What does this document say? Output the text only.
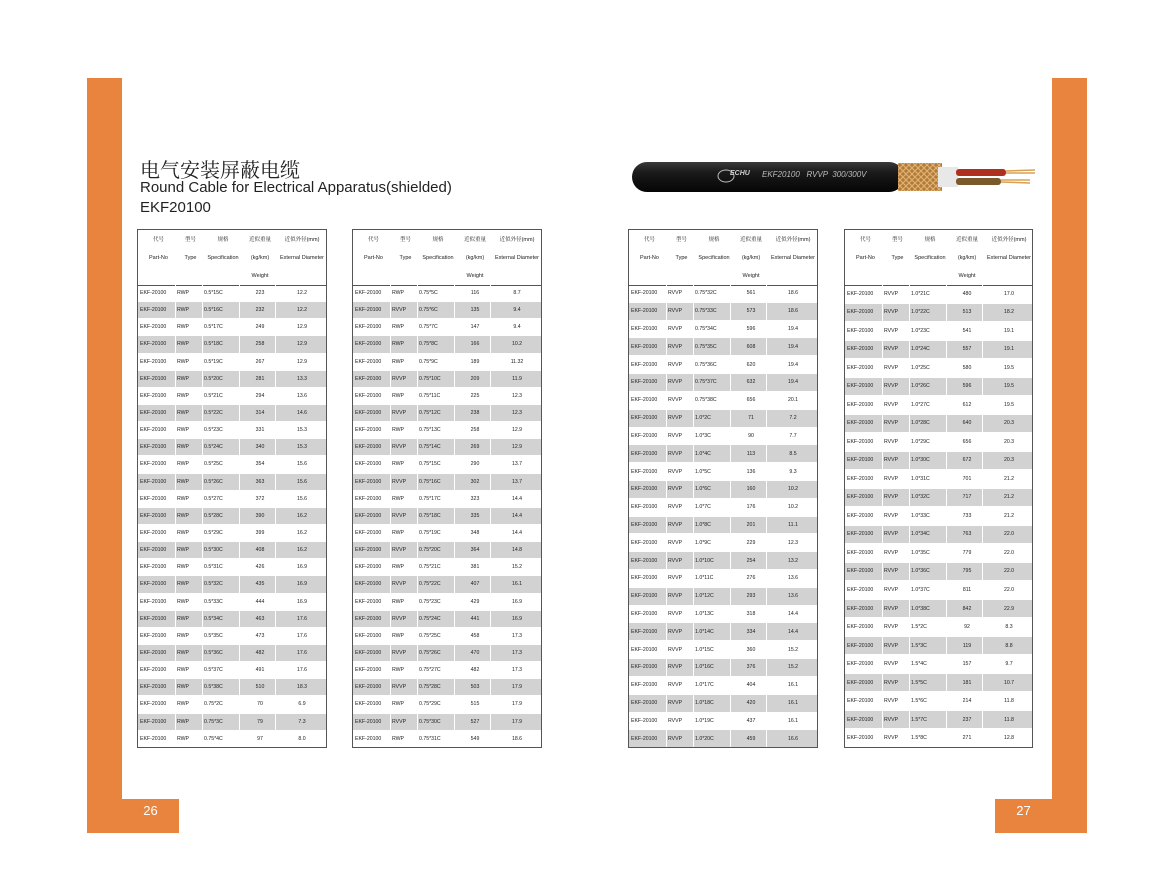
26	27
电气安装屏蔽电缆
Round Cable for Electrical Apparatus(shielded)
EKF20100
ECHU EKF20100   RVVP  300/300V
代号
Part-No
型号
Type
规格
Specification
近似重量
(kg/km)
Weight
近似外径(mm)
External Diameter
EKF-20100	RWP	0.5*15C	223	12.2
EKF-20100	RWP	0.5*16C	232	12.2
EKF-20100	RWP	0.5*17C	249	12.9
EKF-20100	RWP	0.5*18C	258	12.9
EKF-20100	RWP	0.5*19C	267	12.9
EKF-20100	RWP	0.5*20C	281	13.3
EKF-20100	RWP	0.5*21C	294	13.6
EKF-20100	RWP	0.5*22C	314	14.6
EKF-20100	RWP	0.5*23C	331	15.3
EKF-20100	RWP	0.5*24C	340	15.3
EKF-20100	RWP	0.5*25C	354	15.6
EKF-20100	RWP	0.5*26C	363	15.6
EKF-20100	RWP	0.5*27C	372	15.6
EKF-20100	RWP	0.5*28C	390	16.2
EKF-20100	RWP	0.5*29C	399	16.2
EKF-20100	RWP	0.5*30C	408	16.2
EKF-20100	RWP	0.5*31C	426	16.9
EKF-20100	RWP	0.5*32C	435	16.9
EKF-20100	RWP	0.5*33C	444	16.9
EKF-20100	RWP	0.5*34C	463	17.6
EKF-20100	RWP	0.5*35C	473	17.6
EKF-20100	RWP	0.5*36C	482	17.6
EKF-20100	RWP	0.5*37C	491	17.6
EKF-20100	RWP	0.5*38C	510	18.3
EKF-20100	RWP	0.75*2C	70	6.9
EKF-20100	RWP	0.75*3C	79	7.3
EKF-20100	RWP	0.75*4C	97	8.0
代号
Part-No
型号
Type
规格
Specification
近似重量
(kg/km)
Weight
近似外径(mm)
External Diameter
EKF-20100	RWP	0.75*5C	116	8.7
EKF-20100	RVVP	0.75*6C	135	9.4
EKF-20100	RWP	0.75*7C	147	9.4
EKF-20100	RWP	0.75*8C	166	10.2
EKF-20100	RWP	0.75*9C	189	11.32
EKF-20100	RVVP	0.75*10C	209	11.9
EKF-20100	RWP	0.75*11C	225	12.3
EKF-20100	RVVP	0.75*12C	238	12.3
EKF-20100	RWP	0.75*13C	258	12.9
EKF-20100	RVVP	0.75*14C	269	12.9
EKF-20100	RWP	0.75*15C	290	13.7
EKF-20100	RVVP	0.75*16C	302	13.7
EKF-20100	RWP	0.75*17C	323	14.4
EKF-20100	RVVP	0.75*18C	335	14.4
EKF-20100	RWP	0.75*19C	348	14.4
EKF-20100	RVVP	0.75*20C	364	14.8
EKF-20100	RWP	0.75*21C	381	15.2
EKF-20100	RVVP	0.75*22C	407	16.1
EKF-20100	RWP	0.75*23C	429	16.9
EKF-20100	RVVP	0.75*24C	441	16.9
EKF-20100	RWP	0.75*25C	458	17.3
EKF-20100	RVVP	0.75*26C	470	17.3
EKF-20100	RWP	0.75*27C	482	17.3
EKF-20100	RVVP	0.75*28C	503	17.9
EKF-20100	RWP	0.75*29C	515	17.9
EKF-20100	RVVP	0.75*30C	527	17.9
EKF-20100	RWP	0.75*31C	549	18.6
代号
Part-No
型号
Type
规格
Specification
近似重量
(kg/km)
Weight
近似外径(mm)
External Diameter
EKF-20100	RVVP	0.75*32C	561	18.6
EKF-20100	RVVP	0.75*33C	573	18.6
EKF-20100	RVVP	0.75*34C	596	19.4
EKF-20100	RVVP	0.75*35C	608	19.4
EKF-20100	RVVP	0.75*36C	620	19.4
EKF-20100	RVVP	0.75*37C	632	19.4
EKF-20100	RVVP	0.75*38C	656	20.1
EKF-20100	RVVP	1.0*2C	71	7.2
EKF-20100	RVVP	1.0*3C	90	7.7
EKF-20100	RVVP	1.0*4C	113	8.5
EKF-20100	RVVP	1.0*5C	136	9.3
EKF-20100	RVVP	1.0*6C	160	10.2
EKF-20100	RVVP	1.0*7C	176	10.2
EKF-20100	RVVP	1.0*8C	201	11.1
EKF-20100	RVVP	1.0*9C	229	12.3
EKF-20100	RVVP	1.0*10C	254	13.2
EKF-20100	RVVP	1.0*11C	276	13.6
EKF-20100	RVVP	1.0*12C	293	13.6
EKF-20100	RVVP	1.0*13C	318	14.4
EKF-20100	RVVP	1.0*14C	334	14.4
EKF-20100	RVVP	1.0*15C	360	15.2
EKF-20100	RVVP	1.0*16C	376	15.2
EKF-20100	RVVP	1.0*17C	404	16.1
EKF-20100	RVVP	1.0*18C	420	16.1
EKF-20100	RVVP	1.0*19C	437	16.1
EKF-20100	RVVP	1.0*20C	459	16.6
代号
Part-No
型号
Type
规格
Specification
近似重量
(kg/km)
Weight
近似外径(mm)
External Diameter
EKF-20100	RVVP	1.0*21C	480	17.0
EKF-20100	RVVP	1.0*22C	513	18.2
EKF-20100	RVVP	1.0*23C	541	19.1
EKF-20100	RVVP	1.0*24C	557	19.1
EKF-20100	RVVP	1.0*25C	580	19.5
EKF-20100	RVVP	1.0*26C	596	19.5
EKF-20100	RVVP	1.0*27C	612	19.5
EKF-20100	RVVP	1.0*28C	640	20.3
EKF-20100	RVVP	1.0*29C	656	20.3
EKF-20100	RVVP	1.0*30C	672	20.3
EKF-20100	RVVP	1.0*31C	701	21.2
EKF-20100	RVVP	1.0*32C	717	21.2
EKF-20100	RVVP	1.0*33C	733	21.2
EKF-20100	RVVP	1.0*34C	763	22.0
EKF-20100	RVVP	1.0*35C	779	22.0
EKF-20100	RVVP	1.0*36C	795	22.0
EKF-20100	RVVP	1.0*37C	811	22.0
EKF-20100	RVVP	1.0*38C	842	22.9
EKF-20100	RVVP	1.5*2C	92	8.3
EKF-20100	RVVP	1.5*3C	119	8.8
EKF-20100	RVVP	1.5*4C	157	9.7
EKF-20100	RVVP	1.5*5C	181	10.7
EKF-20100	RVVP	1.5*6C	214	11.8
EKF-20100	RVVP	1.5*7C	237	11.8
EKF-20100	RVVP	1.5*8C	271	12.8
